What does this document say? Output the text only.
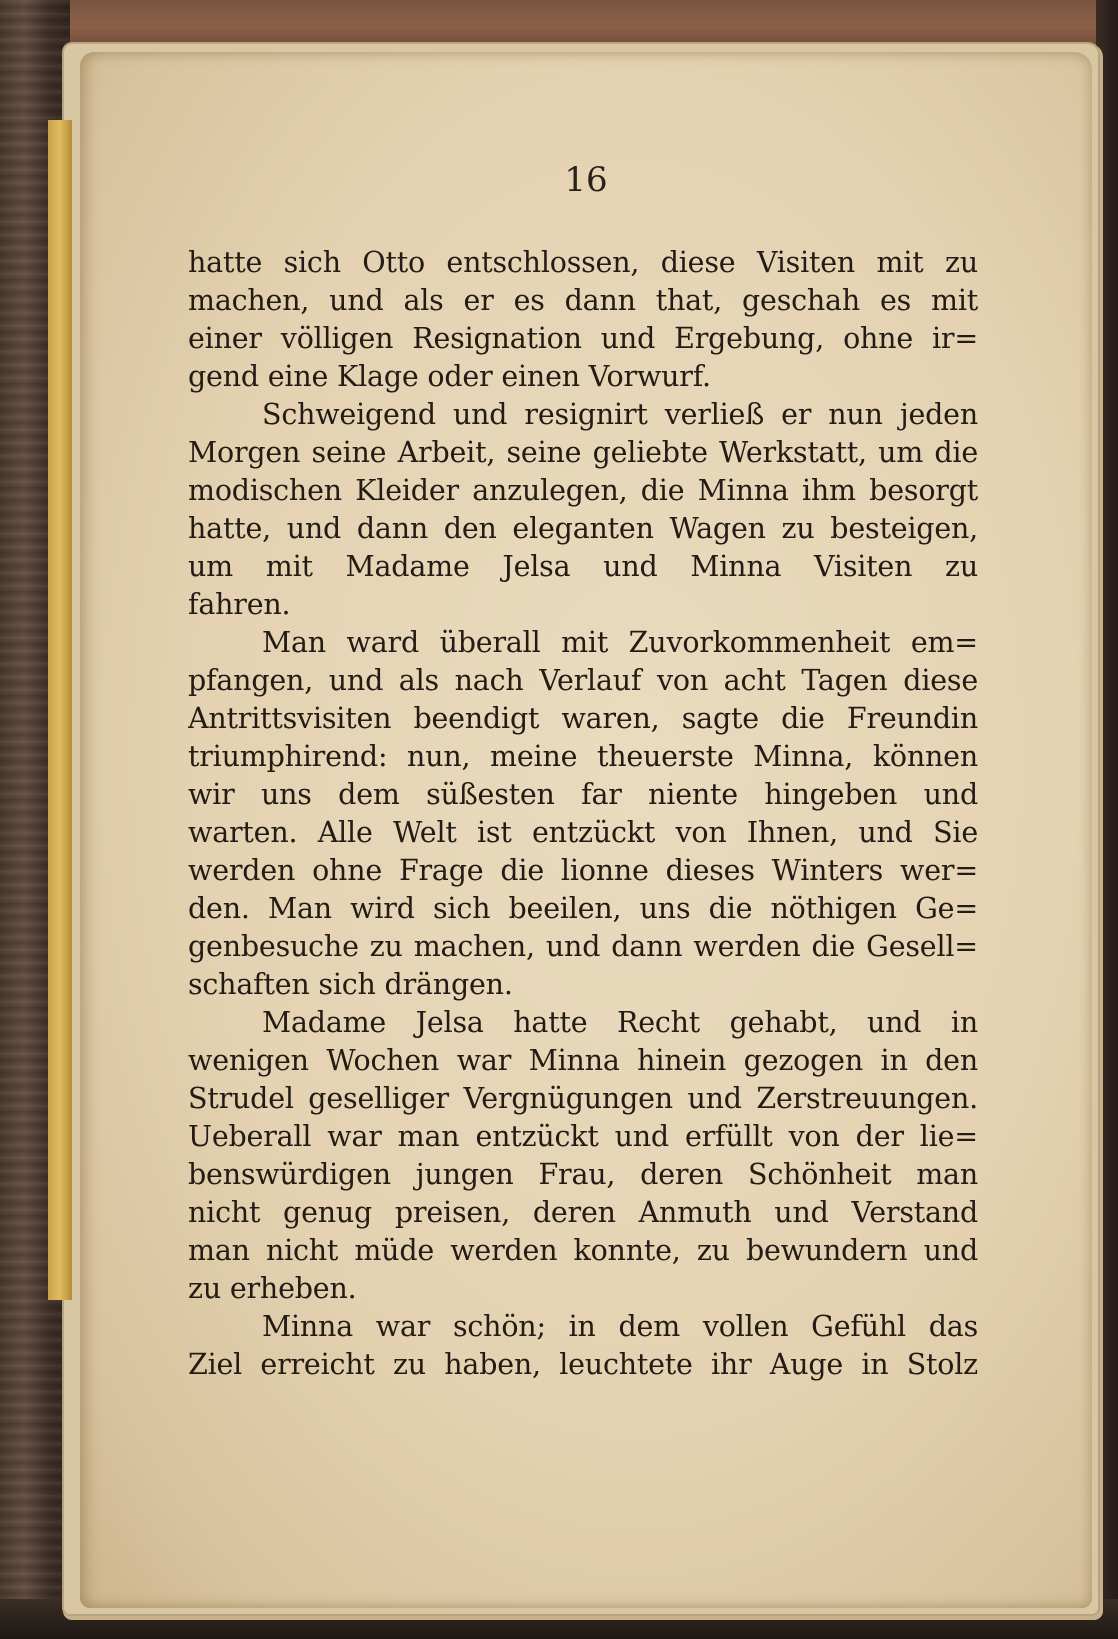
16
hatte sich Otto entschlossen, diese Visiten mit zu
machen, und als er es dann that, geschah es mit
einer völligen Resignation und Ergebung, ohne ir=
gend eine Klage oder einen Vorwurf.
Schweigend und resignirt verließ er nun jeden
Morgen seine Arbeit, seine geliebte Werkstatt, um die
modischen Kleider anzulegen, die Minna ihm besorgt
hatte, und dann den eleganten Wagen zu besteigen,
um mit Madame Jelsa und Minna Visiten zu
fahren.
Man ward überall mit Zuvorkommenheit em=
pfangen, und als nach Verlauf von acht Tagen diese
Antrittsvisiten beendigt waren, sagte die Freundin
triumphirend: nun, meine theuerste Minna, können
wir uns dem süßesten far niente hingeben und
warten. Alle Welt ist entzückt von Ihnen, und Sie
werden ohne Frage die lionne dieses Winters wer=
den. Man wird sich beeilen, uns die nöthigen Ge=
genbesuche zu machen, und dann werden die Gesell=
schaften sich drängen.
Madame Jelsa hatte Recht gehabt, und in
wenigen Wochen war Minna hinein gezogen in den
Strudel geselliger Vergnügungen und Zerstreuungen.
Ueberall war man entzückt und erfüllt von der lie=
benswürdigen jungen Frau, deren Schönheit man
nicht genug preisen, deren Anmuth und Verstand
man nicht müde werden konnte, zu bewundern und
zu erheben.
Minna war schön; in dem vollen Gefühl das
Ziel erreicht zu haben, leuchtete ihr Auge in Stolz
